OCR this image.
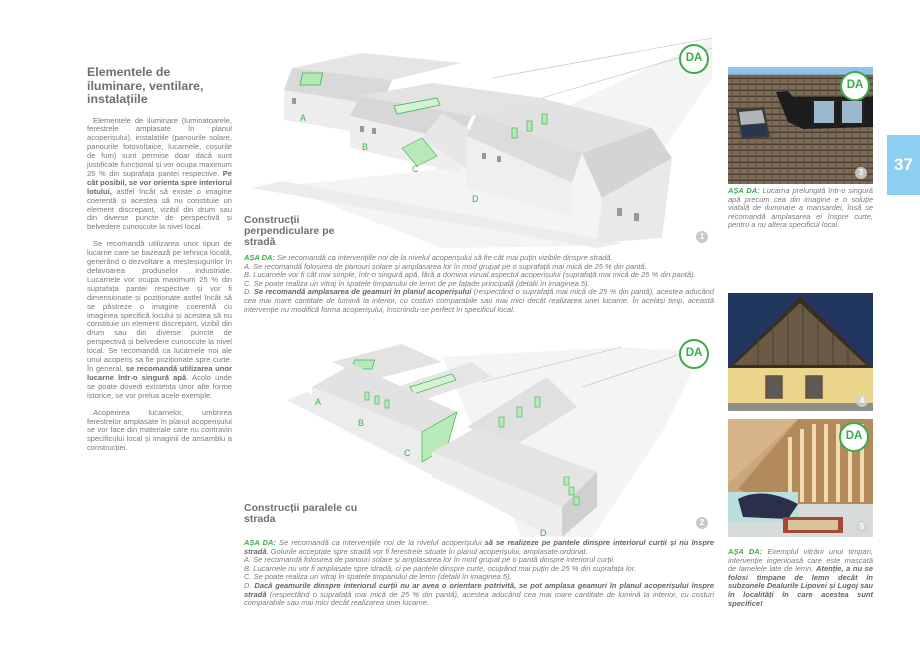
Elementele de iluminare, ventilare, instalațiile

Elementele de iluminare (luminatoarele, ferestrele amplasate în planul acoperișului), instalațiile (panourile solare, panourile fotovoltaice, lucarnele, coșurile de fum) sunt permise doar dacă sunt justificate funcțional și vor ocupa maximum 25 % din suprafața pantei respective. Pe cât posibil, se vor orienta spre interiorul lotului, astfel încât să existe o imagine coerentă și acestea să nu constituie un element discrepant, vizibil din drum sau din diverse puncte de perspectivă și belvedere cunoscute la nivel local.

Se recomandă utilizarea unor tipuri de lucarne care se bazează pe tehnica locală, generând o dezvoltare a meșteșugurilor în defavoarea produselor industriale. Lucarnele vor ocupa maximum 25 % din suprafața pantei respective și vor fi dimensionate și poziționate astfel încât să se păstreze o imagine coerentă cu imaginea specifică locului și acestea să nu constituie un element discrepant, vizibil din drum sau din diverse puncte de perspectivă și belvedere cunoscute la nivel local. Se recomandă ca lucarnele noi ale unui acoperiș sa fie poziționate spre curte. În general, se recomandă utilizarea unor lucarne într-o singură apă. Acolo unde se poate dovedi existența unor alte forme istorice, se vor prelua acele exemple.

Acoperirea lucarnelor, umbrirea ferestrelor amplasate în planul acoperișului se vor face din materiale care nu contravin specificului local și imaginii de ansamblu a construcției.

A
B
C
D
Construcții perpendiculare pe stradă	1
DA

AȘA DA: Se recomandă ca intervențiile noi de la nivelul acoperișului să fie cât mai puțin vizibile dinspre stradă.

A. Se recomandă folosirea de panouri solare și amplasarea lor în mod grupat pe o suprafață mai mică de 25 % din pantă.

B. Lucarnele vor fi cât mai simple, într-o singură apă, fără a domina vizual aspectul acoperișului (suprafață mai mică de 25 % din pantă).

C. Se poate realiza un vitraj în spatele timpanului de lemn de pe fațade principală (detalii în imaginea 5).

D. Se recomandă amplasarea de geamuri în planul acoperișului (respectând o suprafață mai mică de 25 % din pantă), acestea aducând cea mai mare cantitate de lumină la interior, cu costuri comparabile sau mai mici decât realizarea unei lucarne. În același timp, această intervenție nu modifică forma acoperișului, înscriindu-se perfect în specificul local.

A
B
C
D
Construcții paralele cu strada	2
DA

AȘA DA: Se recomandă ca intervențiile noi de la nivelul acoperișului să se realizeze pe pantele dinspre interiorul curții și nu înspre stradă. Golurile acceptate spre stradă vor fi ferestrele situate în planul acoperișului, amplasate ordonat.

A. Se recomandă folosirea de panouri solare și amplasarea lor în mod grupat pe o pantă dinspre interiorul curții.

B. Lucarnele nu vor fi amplasate spre stradă, ci pe pantele dinspre curte, ocupând mai puțin de 25 % din suprafața lor.

C. Se poate realiza un vitraj în spatele timpanului de lemn (detalii în imaginea 5).

D. Dacă geamurile dinspre interiorul curții nu ar avea o orientare potrivită, se pot amplasa geamuri în planul acoperișului înspre stradă (respectând o suprafață mai mică de 25 % din pantă), acestea aducând cea mai mare cantitate de lumină la interior, cu costuri comparabile sau mai mici decât realizarea unei lucarne.

3
DA
AȘA DA: Lucarna prelungită într-o singură apă precum cea din imagine e o soluție viabilă de iluminare a mansardei, însă se recomandă amplasarea ei înspre curte, pentru a nu altera specificul local.
37
4
5
DA
AȘA DA: Exemplul vitrării unui timpan, intervenție ingenioasă care este mascată de lamelele late de lemn. Atenție, a nu se folosi timpane de lemn decât în subzonele Dealurile Lipovei și Lugoj sau în localități în care acestea sunt specifice!
